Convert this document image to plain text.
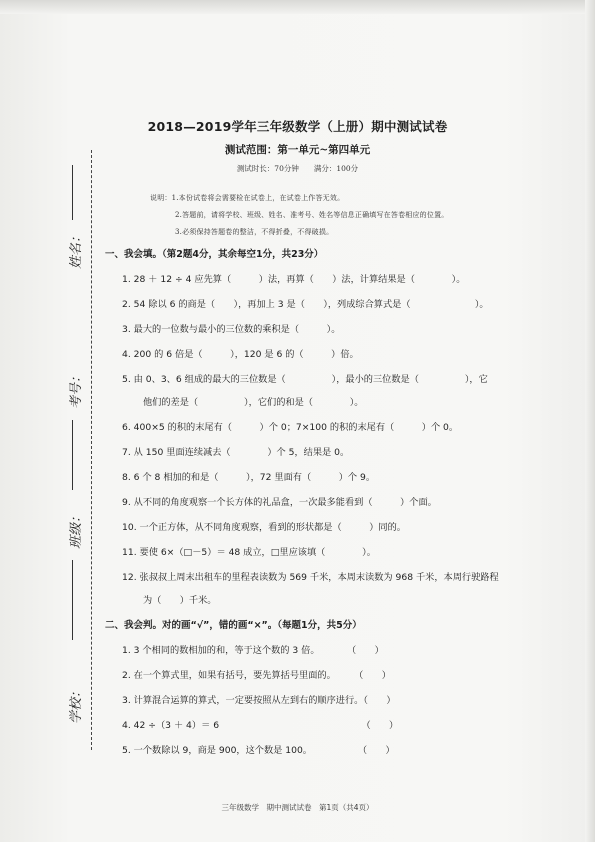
姓名：
考号：
班级：
学校：
2018—2019学年三年级数学（上册）期中测试试卷
测试范围：第一单元~第四单元
测试时长：70分钟　　满分：100分
说明：1.本份试卷将会需要检在试卷上，在试卷上作答无效。
2.答题前，请将学校、班级、姓名、准考号、姓名等信息正确填写在答卷相应的位置。
3.必须保持答题卷的整洁，不得折叠，不得破损。
一、我会填。（第2题4分，其余每空1分，共23分）
1. 28 ＋ 12 ÷ 4 应先算（　　　）法，再算（　　）法，计算结果是（　　　　）。
2. 54 除以 6 的商是（　　），再加上 3 是（　　），列成综合算式是（　　　　　　　）。
3. 最大的一位数与最小的三位数的乘积是（　　　）。
4. 200 的 6 倍是（　　　），120 是 6 的（　　　）倍。
5. 由 0、3、6 组成的最大的三位数是（　　　　　），最小的三位数是（　　　　　），它
他们的差是（　　　　　），它们的和是（　　　　）。
6. 400×5 的积的末尾有（　　　）个 0；7×100 的积的末尾有（　　　）个 0。
7. 从 150 里面连续减去（　　　　）个 5，结果是 0。
8. 6 个 8 相加的和是（　　　），72 里面有（　　　）个 9。
9. 从不同的角度观察一个长方体的礼品盒，一次最多能看到（　　　）个面。
10. 一个正方体，从不同角度观察，看到的形状都是（　　　）同的。
11. 要使 6×（□－5）＝ 48 成立，□里应该填（　　　　）。
12. 张叔叔上周末出租车的里程表读数为 569 千米，本周末读数为 968 千米，本周行驶路程
为（　　）千米。
二、我会判。对的画“√”，错的画“×”。（每题1分，共5分）
1. 3 个相同的数相加的和，等于这个数的 3 倍。　　　　（　　）
2. 在一个算式里，如果有括号，要先算括号里面的。　　　（　　）
3. 计算混合运算的算式，一定要按照从左到右的顺序进行。（　　）
4. 42 ÷（3 ＋ 4）＝ 6　　　　　　　　　　　　　　　　（　　）
5. 一个数除以 9，商是 900，这个数是 100。　　　　　　（　　）
三年级数学　期中测试试卷　第1页（共4页）
